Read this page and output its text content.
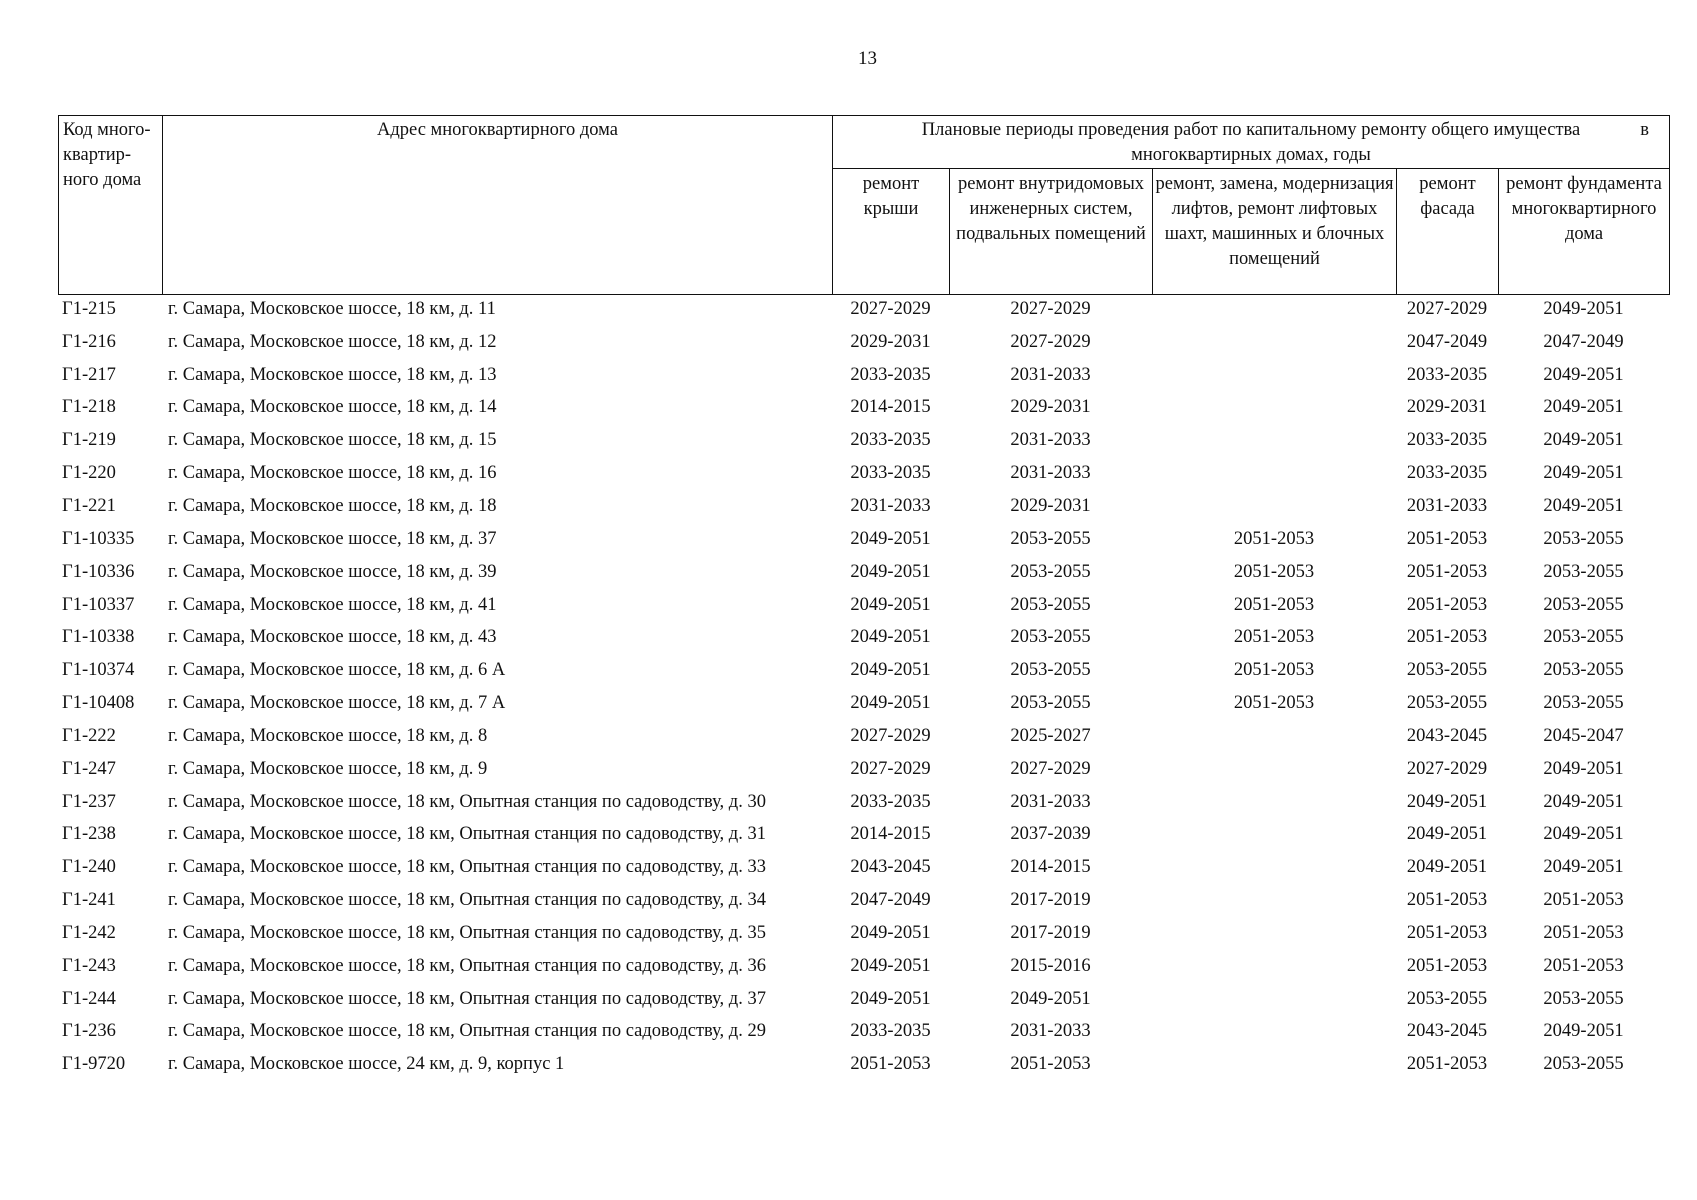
13
Код много-квартир-ного дома	Адрес многоквартирного дома	Плановые периоды проведения работ по капитальному ремонту общего имущества в

многоквартирных домах, годы				
		ремонт крыши	ремонт внутридомовых инженерных систем, подвальных помещений	ремонт, замена, модернизация лифтов, ремонт лифтовых шахт, машинных и блочных помещений	ремонт фасада	ремонт фундамента многоквартирного дома
Г1-215	г. Самара, Московское шоссе, 18 км, д. 11	2027-2029	2027-2029		2027-2029	2049-2051
Г1-216	г. Самара, Московское шоссе, 18 км, д. 12	2029-2031	2027-2029		2047-2049	2047-2049
Г1-217	г. Самара, Московское шоссе, 18 км, д. 13	2033-2035	2031-2033		2033-2035	2049-2051
Г1-218	г. Самара, Московское шоссе, 18 км, д. 14	2014-2015	2029-2031		2029-2031	2049-2051
Г1-219	г. Самара, Московское шоссе, 18 км, д. 15	2033-2035	2031-2033		2033-2035	2049-2051
Г1-220	г. Самара, Московское шоссе, 18 км, д. 16	2033-2035	2031-2033		2033-2035	2049-2051
Г1-221	г. Самара, Московское шоссе, 18 км, д. 18	2031-2033	2029-2031		2031-2033	2049-2051
Г1-10335	г. Самара, Московское шоссе, 18 км, д. 37	2049-2051	2053-2055	2051-2053	2051-2053	2053-2055
Г1-10336	г. Самара, Московское шоссе, 18 км, д. 39	2049-2051	2053-2055	2051-2053	2051-2053	2053-2055
Г1-10337	г. Самара, Московское шоссе, 18 км, д. 41	2049-2051	2053-2055	2051-2053	2051-2053	2053-2055
Г1-10338	г. Самара, Московское шоссе, 18 км, д. 43	2049-2051	2053-2055	2051-2053	2051-2053	2053-2055
Г1-10374	г. Самара, Московское шоссе, 18 км, д. 6 А	2049-2051	2053-2055	2051-2053	2053-2055	2053-2055
Г1-10408	г. Самара, Московское шоссе, 18 км, д. 7 А	2049-2051	2053-2055	2051-2053	2053-2055	2053-2055
Г1-222	г. Самара, Московское шоссе, 18 км, д. 8	2027-2029	2025-2027		2043-2045	2045-2047
Г1-247	г. Самара, Московское шоссе, 18 км, д. 9	2027-2029	2027-2029		2027-2029	2049-2051
Г1-237	г. Самара, Московское шоссе, 18 км, Опытная станция по садоводству, д. 30	2033-2035	2031-2033		2049-2051	2049-2051
Г1-238	г. Самара, Московское шоссе, 18 км, Опытная станция по садоводству, д. 31	2014-2015	2037-2039		2049-2051	2049-2051
Г1-240	г. Самара, Московское шоссе, 18 км, Опытная станция по садоводству, д. 33	2043-2045	2014-2015		2049-2051	2049-2051
Г1-241	г. Самара, Московское шоссе, 18 км, Опытная станция по садоводству, д. 34	2047-2049	2017-2019		2051-2053	2051-2053
Г1-242	г. Самара, Московское шоссе, 18 км, Опытная станция по садоводству, д. 35	2049-2051	2017-2019		2051-2053	2051-2053
Г1-243	г. Самара, Московское шоссе, 18 км, Опытная станция по садоводству, д. 36	2049-2051	2015-2016		2051-2053	2051-2053
Г1-244	г. Самара, Московское шоссе, 18 км, Опытная станция по садоводству, д. 37	2049-2051	2049-2051		2053-2055	2053-2055
Г1-236	г. Самара, Московское шоссе, 18 км, Опытная станция по садоводству, д. 29	2033-2035	2031-2033		2043-2045	2049-2051
Г1-9720	г. Самара, Московское шоссе, 24 км, д. 9, корпус 1	2051-2053	2051-2053		2051-2053	2053-2055
